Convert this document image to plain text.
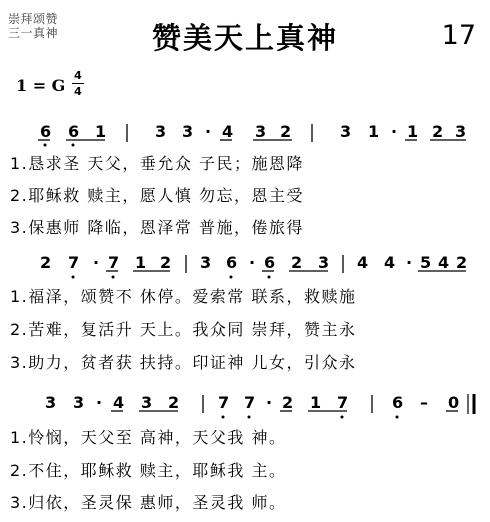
崇拜颂赞
三一真神	赞美天上真神	17
1 = G
4
4
6 6 1	3 3 · 4 3 2	3 1 · 1 2 3
2 7 · 7 1 2 3 6 · 6 2 3 4 4 · 5 4 2
3 3 · 4 3 2 7 7 · 2 1 7	6 – 0
1.恳求圣 天父，垂允众 子民；施恩降
2.耶稣救 赎主，愿人慎 勿忘，恩主受
3.保惠师 降临，恩泽常 普施，倦旅得
1.福泽，颂赞不 休停。爱索常 联系，救赎施
2.苦难，复活升 天上。我众同 崇拜，赞主永
3.助力，贫者获 扶持。印证神 儿女，引众永
1.怜悯，天父至 高神，天父我 神。
2.不住，耶稣救 赎主，耶稣我 主。
3.归依，圣灵保 惠师，圣灵我 师。
